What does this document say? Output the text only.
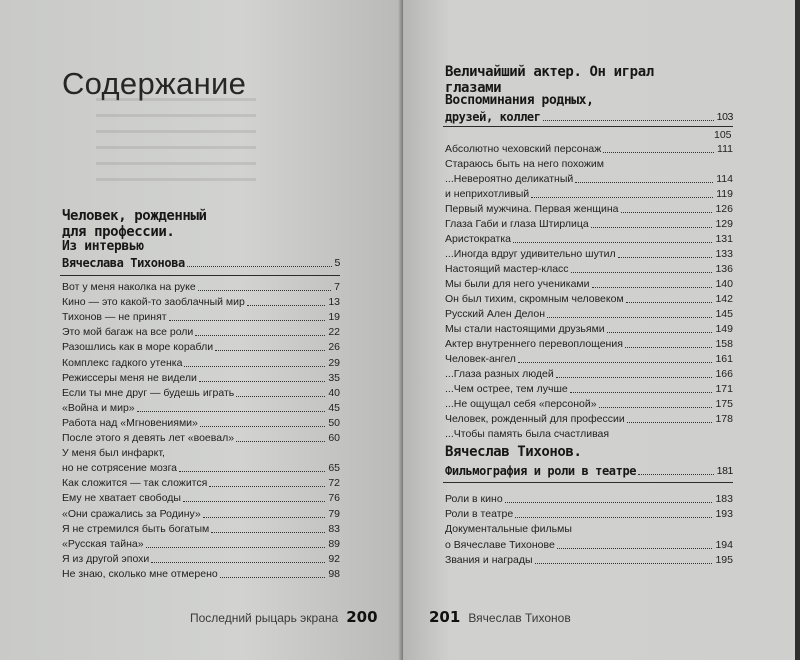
Содержание
Человек, рожденный
для профессии.
Из интервью
Вячеслава Тихонова	5
Вот у меня наколка на руке	7
Кино — это какой-то заоблачный мир	13
Тихонов — не принят	19
Это мой багаж на все роли	22
Разошлись как в море корабли	26
Комплекс гадкого утенка	29
Режиссеры меня не видели	35
Если ты мне друг — будешь играть	40
«Война и мир»	45
Работа над «Мгновениями»	50
После этого я девять лет «воевал»	60
У меня был инфаркт,
но не сотрясение мозга	65
Как сложится — так сложится	72
Ему не хватает свободы	76
«Они сражались за Родину»	79
Я не стремился быть богатым	83
«Русская тайна»	89
Я из другой эпохи	92
Не знаю, сколько мне отмерено	98
Последний рыцарь экрана 200
Величайший актер. Он играл
глазами
Воспоминания родных,
друзей, коллег	103
105
Абсолютно чеховский персонаж	111
Стараюсь быть на него похожим
...Невероятно деликатный	114
и неприхотливый	119
Первый мужчина. Первая женщина	126
Глаза Габи и глаза Штирлица	129
Аристократка	131
...Иногда вдруг удивительно шутил	133
Настоящий мастер-класс	136
Мы были для него учениками	140
Он был тихим, скромным человеком	142
Русский Ален Делон	145
Мы стали настоящими друзьями	149
Актер внутреннего перевоплощения	158
Человек-ангел	161
...Глаза разных людей	166
...Чем острее, тем лучше	171
...Не ощущал себя «персоной»	175
Человек, рожденный для профессии	178
...Чтобы память была счастливая
Вячеслав Тихонов.
Фильмография и роли в театре	181
Роли в кино	183
Роли в театре	193
Документальные фильмы
о Вячеславе Тихонове	194
Звания и награды	195
201 Вячеслав Тихонов
